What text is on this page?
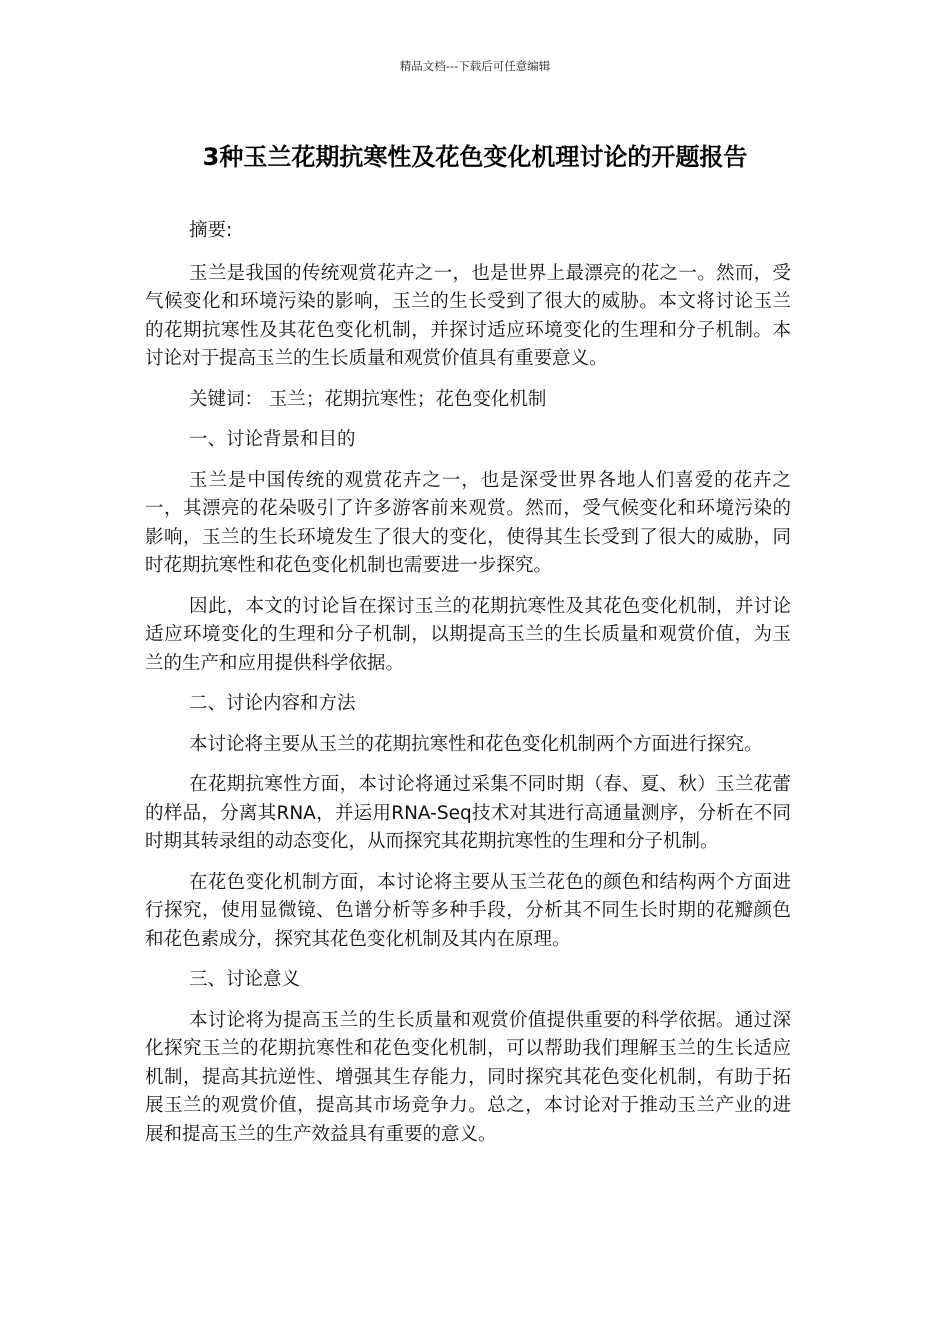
精品文档---下载后可任意编辑
3种玉兰花期抗寒性及花色变化机理讨论的开题报告

摘要:

玉兰是我国的传统观赏花卉之一，也是世界上最漂亮的花之一。然而，受气候变化和环境污染的影响，玉兰的生长受到了很大的威胁。本文将讨论玉兰的花期抗寒性及其花色变化机制，并探讨适应环境变化的生理和分子机制。本讨论对于提高玉兰的生长质量和观赏价值具有重要意义。

关键词： 玉兰；花期抗寒性；花色变化机制

一、讨论背景和目的

玉兰是中国传统的观赏花卉之一，也是深受世界各地人们喜爱的花卉之一，其漂亮的花朵吸引了许多游客前来观赏。然而，受气候变化和环境污染的影响，玉兰的生长环境发生了很大的变化，使得其生长受到了很大的威胁，同时花期抗寒性和花色变化机制也需要进一步探究。

因此，本文的讨论旨在探讨玉兰的花期抗寒性及其花色变化机制，并讨论适应环境变化的生理和分子机制，以期提高玉兰的生长质量和观赏价值，为玉兰的生产和应用提供科学依据。

二、讨论内容和方法

本讨论将主要从玉兰的花期抗寒性和花色变化机制两个方面进行探究。

在花期抗寒性方面，本讨论将通过采集不同时期（春、夏、秋）玉兰花蕾的样品，分离其RNA，并运用RNA-Seq技术对其进行高通量测序，分析在不同时期其转录组的动态变化，从而探究其花期抗寒性的生理和分子机制。

在花色变化机制方面，本讨论将主要从玉兰花色的颜色和结构两个方面进行探究，使用显微镜、色谱分析等多种手段，分析其不同生长时期的花瓣颜色和花色素成分，探究其花色变化机制及其内在原理。

三、讨论意义

本讨论将为提高玉兰的生长质量和观赏价值提供重要的科学依据。通过深化探究玉兰的花期抗寒性和花色变化机制，可以帮助我们理解玉兰的生长适应机制，提高其抗逆性、增强其生存能力，同时探究其花色变化机制，有助于拓展玉兰的观赏价值，提高其市场竞争力。总之，本讨论对于推动玉兰产业的进展和提高玉兰的生产效益具有重要的意义。
